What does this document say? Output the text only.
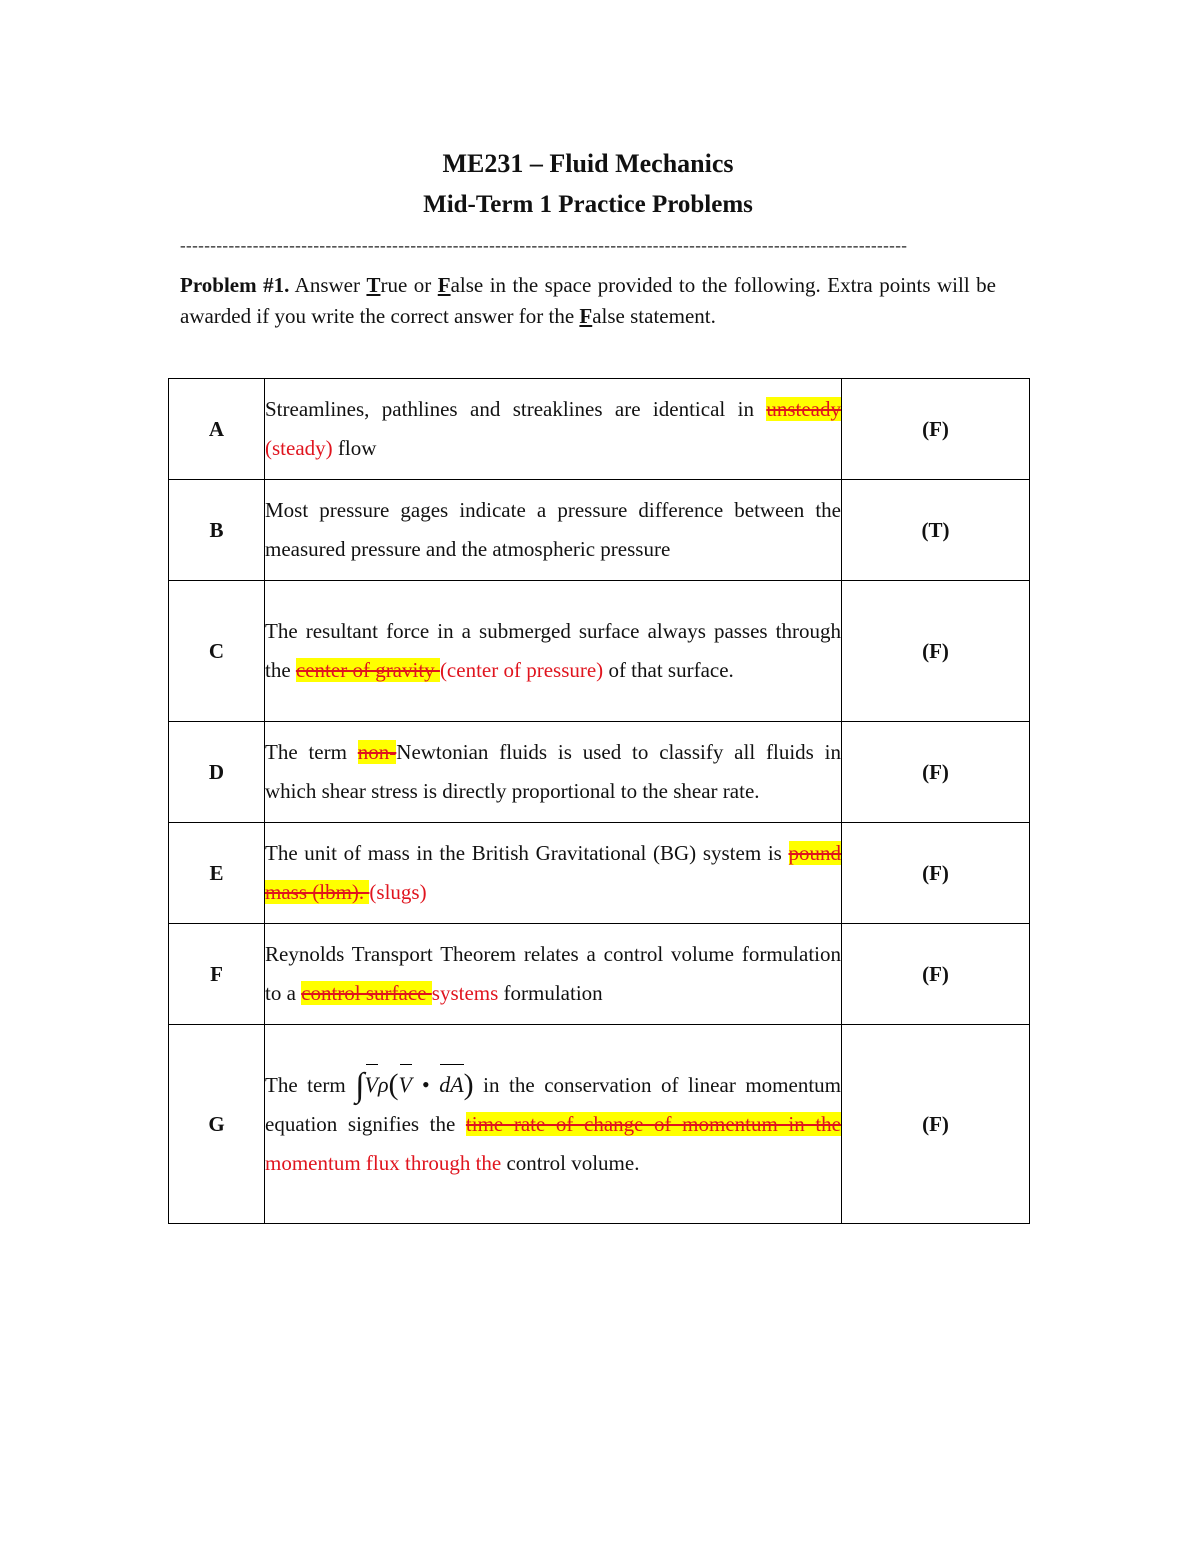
ME231 – Fluid Mechanics
Mid-Term 1 Practice Problems
------------------------------------------------------------------------------------------------------------------------

Problem #1. Answer True or False in the space provided to the following. Extra points will be awarded if you write the correct answer for the False statement.

A	Streamlines, pathlines and streaklines are identical in unsteady (steady) flow	(F)
B	Most pressure gages indicate a pressure difference between the measured pressure and the atmospheric pressure	(T)
C	The resultant force in a submerged surface always passes through the center of gravity (center of pressure) of that surface.	(F)
D	The term non-Newtonian fluids is used to classify all fluids in which shear stress is directly proportional to the shear rate.	(F)
E	The unit of mass in the British Gravitational (BG) system is pound mass (lbm). (slugs)	(F)
F	Reynolds Transport Theorem relates a control volume formulation to a control surface systems formulation	(F)
G	The term ∫Vρ(V • dA) in the conservation of linear momentum equation signifies the time rate of change of momentum in the momentum flux through the control volume.	(F)
